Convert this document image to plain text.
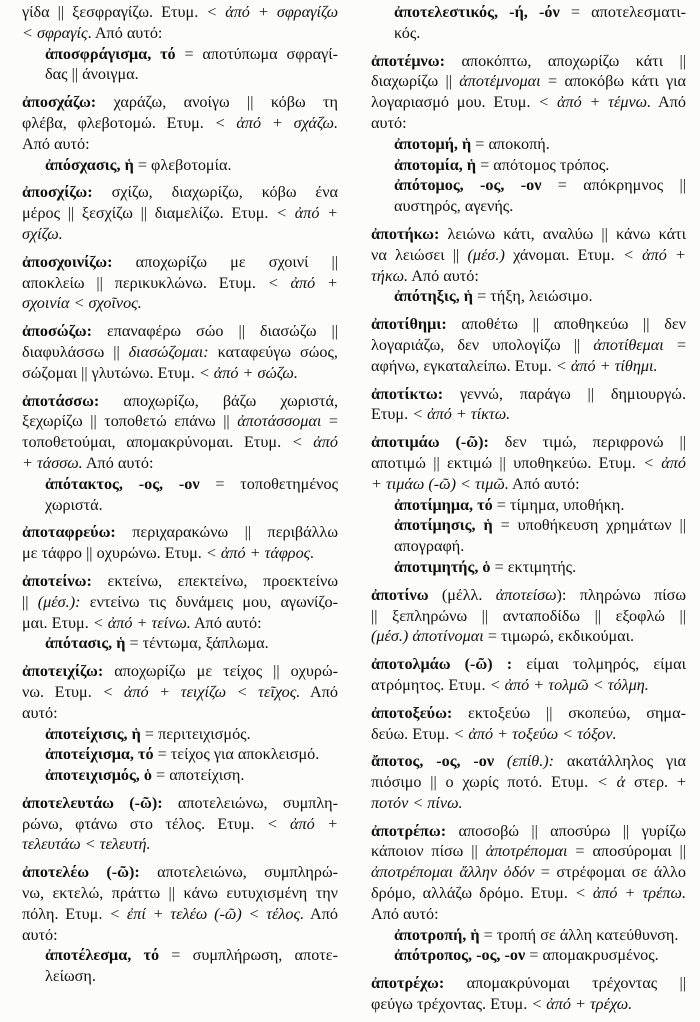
γίδα || ξεσφραγίζω. Ετυμ. < ἀπό + σφραγίζω
< σφραγίς. Από αυτό:
ἀποσφράγισμα, τό = αποτύπωμα σφραγί-
δας || άνοιγμα.
ἀποσχάζω: χαράζω, ανοίγω || κόβω τη
φλέβα, φλεβοτομώ. Ετυμ. < ἀπό + σχάζω.
Από αυτό:
ἀπόσχασις, ἡ = φλεβοτομία.
ἀποσχίζω: σχίζω, διαχωρίζω, κόβω ένα
μέρος || ξεσχίζω || διαμελίζω. Ετυμ. < ἀπό +
σχίζω.
ἀποσχοινίζω: αποχωρίζω με σχοινί ||
αποκλείω || περικυκλώνω. Ετυμ. < ἀπό +
σχοινία < σχοῖνος.
ἀποσώζω: επαναφέρω σώο || διασώζω ||
διαφυλάσσω || διασώζομαι: καταφεύγω σώος,
σώζομαι || γλυτώνω. Ετυμ. < ἀπό + σώζω.
ἀποτάσσω: αποχωρίζω, βάζω χωριστά,
ξεχωρίζω || τοποθετώ επάνω || ἀποτάσσομαι =
τοποθετούμαι, απομακρύνομαι. Ετυμ. < ἀπό
+ τάσσω. Από αυτό:
ἀπότακτος, -ος, -ον = τοποθετημένος
χωριστά.
ἀποταφρεύω: περιχαρακώνω || περιβάλλω
με τάφρο || οχυρώνω. Ετυμ. < ἀπό + τάφρος.
ἀποτείνω: εκτείνω, επεκτείνω, προεκτείνω
|| (μέσ.): εντείνω τις δυνάμεις μου, αγωνίζο-
μαι. Ετυμ. < ἀπό + τείνω. Από αυτό:
ἀπότασις, ἡ = τέντωμα, ξάπλωμα.
ἀποτειχίζω: αποχωρίζω με τείχος || οχυρώ-
νω. Ετυμ. < ἀπό + τειχίζω < τεῖχος. Από
αυτό:
ἀποτείχισις, ἡ = περιτειχισμός.
ἀποτείχισμα, τό = τείχος για αποκλεισμό.
ἀποτειχισμός, ὁ = αποτείχιση.
ἀποτελευτάω (-ῶ): αποτελειώνω, συμπλη-
ρώνω, φτάνω στο τέλος. Ετυμ. < ἀπό +
τελευτάω < τελευτή.
ἀποτελέω (-ῶ): αποτελειώνω, συμπληρώ-
νω, εκτελώ, πράττω || κάνω ευτυχισμένη την
πόλη. Ετυμ. < ἐπί + τελέω (-ῶ) < τέλος. Από
αυτό:
ἀποτέλεσμα, τό = συμπλήρωση, αποτε-
λείωση.
ἀποτελεστικός, -ή, -όν = αποτελεσματι-
κός.
ἀποτέμνω: αποκόπτω, αποχωρίζω κάτι ||
διαχωρίζω || ἀποτέμνομαι = αποκόβω κάτι για
λογαριασμό μου. Ετυμ. < ἀπό + τέμνω. Από
αυτό:
ἀποτομή, ἡ = αποκοπή.
ἀποτομία, ἡ = απότομος τρόπος.
ἀπότομος, -ος, -ον = απόκρημνος ||
αυστηρός, αγενής.
ἀποτήκω: λειώνω κάτι, αναλύω || κάνω κάτι
να λειώσει || (μέσ.) χάνομαι. Ετυμ. < ἀπό +
τήκω. Από αυτό:
ἀπότηξις, ἡ = τήξη, λειώσιμο.
ἀποτίθημι: αποθέτω || αποθηκεύω || δεν
λογαριάζω, δεν υπολογίζω || ἀποτίθεμαι =
αφήνω, εγκαταλείπω. Ετυμ. < ἀπό + τίθημι.
ἀποτίκτω: γεννώ, παράγω || δημιουργώ.
Ετυμ. < ἀπό + τίκτω.
ἀποτιμάω (-ῶ): δεν τιμώ, περιφρονώ ||
αποτιμώ || εκτιμώ || υποθηκεύω. Ετυμ. < ἀπό
+ τιμάω (-ῶ) < τιμῶ. Από αυτό:
ἀποτίμημα, τό = τίμημα, υποθήκη.
ἀποτίμησις, ἡ = υποθήκευση χρημάτων ||
απογραφή.
ἀποτιμητής, ὁ = εκτιμητής.
ἀποτίνω (μέλλ. ἀποτείσω): πληρώνω πίσω
|| ξεπληρώνω || ανταποδίδω || εξοφλώ ||
(μέσ.) ἀποτίνομαι = τιμωρώ, εκδικούμαι.
ἀποτολμάω (-ῶ) : είμαι τολμηρός, είμαι
ατρόμητος. Ετυμ. < ἀπό + τολμῶ < τόλμη.
ἀποτοξεύω: εκτοξεύω || σκοπεύω, σημα-
δεύω. Ετυμ. < ἀπό + τοξεύω < τόξον.
ἄποτος, -ος, -ον (επίθ.): ακατάλληλος για
πιόσιμο || ο χωρίς ποτό. Ετυμ. < ἀ στερ. +
ποτόν < πίνω.
ἀποτρέπω: αποσοβώ || αποσύρω || γυρίζω
κάποιον πίσω || ἀποτρέπομαι = αποσύρομαι ||
ἀποτρέπομαι ἄλλην ὁδόν = στρέφομαι σε άλλο
δρόμο, αλλάζω δρόμο. Ετυμ. < ἀπό + τρέπω.
Από αυτό:
ἀποτροπή, ἡ = τροπή σε άλλη κατεύθυνση.
ἀπότροπος, -ος, -ον = απομακρυσμένος.
ἀποτρέχω: απομακρύνομαι τρέχοντας ||
φεύγω τρέχοντας. Ετυμ. < ἀπό + τρέχω.
